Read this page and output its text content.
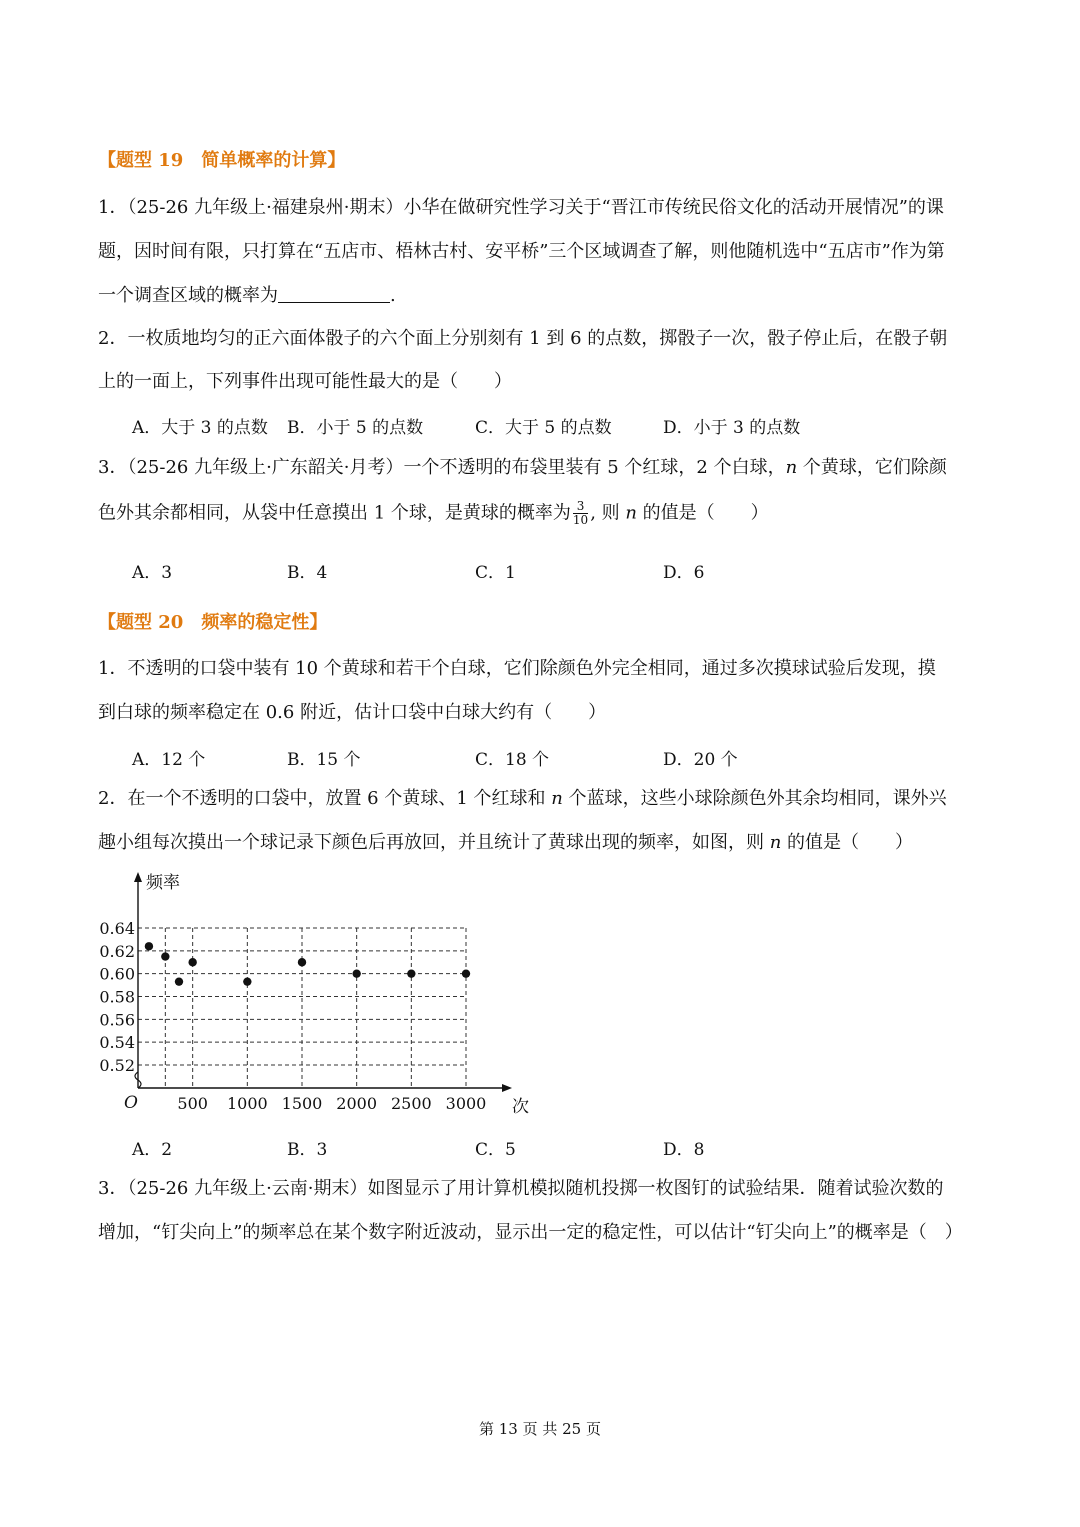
【题型 19　简单概率的计算】
1．（25-26 九年级上·福建泉州·期末）小华在做研究性学习关于“晋江市传统民俗文化的活动开展情况”的课
题，因时间有限，只打算在“五店市、梧林古村、安平桥”三个区域调查了解，则他随机选中“五店市”作为第
一个调查区域的概率为	.
2．一枚质地均匀的正六面体骰子的六个面上分别刻有 1 到 6 的点数，掷骰子一次，骰子停止后，在骰子朝
上的一面上，下列事件出现可能性最大的是（　　）
A．大于 3 的点数 B．小于 5 的点数	C．大于 5 的点数	D．小于 3 的点数
3．（25-26 九年级上·广东韶关·月考）一个不透明的布袋里装有 5 个红球，2 个白球，n 个黄球，它们除颜
色外其余都相同，从袋中任意摸出 1 个球，是黄球的概率为 $\frac{3}{10}$ , 则 n 的值是（　　）
A．3	B．4	C．1	D．6
【题型 20　频率的稳定性】
1．不透明的口袋中装有 10 个黄球和若干个白球，它们除颜色外完全相同，通过多次摸球试验后发现，摸
到白球的频率稳定在 0.6 附近，估计口袋中白球大约有（　　）
A．12 个	B．15 个	C．18 个	D．20 个
2．在一个不透明的口袋中，放置 6 个黄球、1 个红球和 n 个蓝球，这些小球除颜色外其余均相同，课外兴
趣小组每次摸出一个球记录下颜色后再放回，并且统计了黄球出现的频率，如图，则 n 的值是（　　）
频率
次
O
0.52
0.54
0.56
0.58
0.60
0.62
0.64
500 1000 1500 2000 2500 3000
A．2	B．3	C．5	D．8
3．（25-26 九年级上·云南·期末）如图显示了用计算机模拟随机投掷一枚图钉的试验结果．随着试验次数的
增加，“钉尖向上”的频率总在某个数字附近波动，显示出一定的稳定性，可以估计“钉尖向上”的概率是（　）
第 13 页 共 25 页
